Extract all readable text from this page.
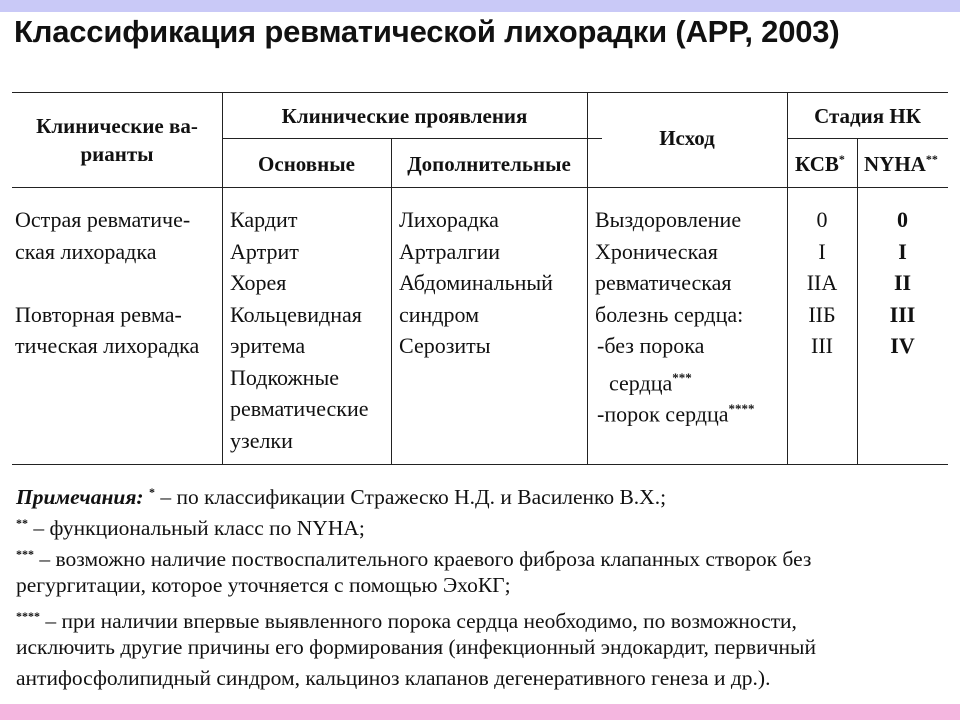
Классификация ревматической лихорадки (АРР, 2003)
Клинические ва-
рианты
Клинические проявления
Основные	Дополнительные
Исход
Стадия НК
КСВ* NYHA**
Острая ревматиче-
ская лихорадка
Повторная ревма-
тическая лихорадка
Кардит
Артрит
Хорея
Кольцевидная
эритема
Подкожные
ревматические
узелки
Лихорадка
Артралгии
Абдоминальный
синдром
Серозиты
Выздоровление
Хроническая
ревматическая
болезнь сердца:
-без порока
сердца***
-порок сердца****
0
I
IIA
IIБ
III
0
I
II
III
IV
Примечания: * – по классификации Стражеско Н.Д. и Василенко В.Х.;
** – функциональный класс по NYHA;
*** – возможно наличие поствоспалительного краевого фиброза клапанных створок без
регургитации, которое уточняется с помощью ЭхоКГ;
**** – при наличии впервые выявленного порока сердца необходимо, по возможности,
исключить другие причины его формирования (инфекционный эндокардит, первичный
антифосфолипидный синдром, кальциноз клапанов дегенеративного генеза и др.).
